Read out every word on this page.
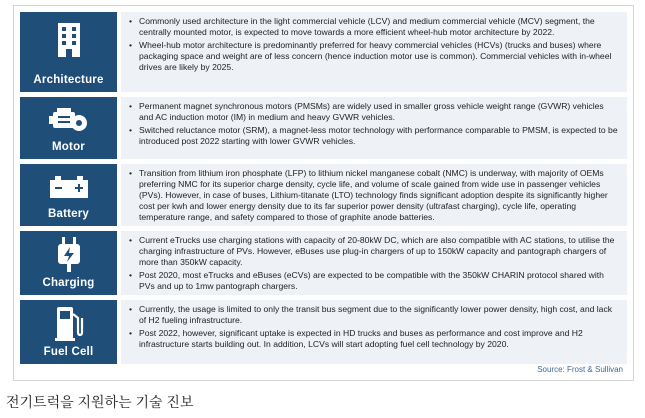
Architecture
• Commonly used architecture in the light commercial vehicle (LCV) and medium commercial vehicle (MCV) segment, the centrally mounted motor, is expected to move towards a more efficient wheel-hub motor architecture by 2022.
• Wheel-hub motor architecture is predominantly preferred for heavy commercial vehicles (HCVs) (trucks and buses) where packaging space and weight are of less concern (hence induction motor use is common). Commercial vehicles with in-wheel drives are likely by 2025.
Motor
• Permanent magnet synchronous motors (PMSMs) are widely used in smaller gross vehicle weight range (GVWR) vehicles and AC induction motor (IM) in medium and heavy GVWR vehicles.
• Switched reluctance motor (SRM), a magnet-less motor technology with performance comparable to PMSM, is expected to be introduced post 2022 starting with lower GVWR vehicles.
Battery
• Transition from lithium iron phosphate (LFP) to lithium nickel manganese cobalt (NMC) is underway, with majority of OEMs preferring NMC for its superior charge density, cycle life, and volume of scale gained from wide use in passenger vehicles (PVs). However, in case of buses, Lithium-titanate (LTO) technology finds significant adoption despite its significantly higher cost per kwh and lower energy density due to its far superior power density (ultrafast charging), cycle life, operating temperature range, and safety compared to those of graphite anode batteries.
Charging
• Current eTrucks use charging stations with capacity of 20-80kW DC, which are also compatible with AC stations, to utilise the charging infrastructure of PVs. However, eBuses use plug-in chargers of up to 150kW capacity and pantograph chargers of more than 350kW capacity.
• Post 2020, most eTrucks and eBuses (eCVs) are expected to be compatible with the 350kW CHARIN protocol shared with PVs and up to 1mw pantograph chargers.
Fuel Cell
• Currently, the usage is limited to only the transit bus segment due to the significantly lower power density, high cost, and lack of H2 fueling infrastructure.
• Post 2022, however, significant uptake is expected in HD trucks and buses as performance and cost improve and H2 infrastructure starts building out. In addition, LCVs will start adopting fuel cell technology by 2020.
Source: Frost & Sullivan
전기트럭을 지원하는 기술 진보
